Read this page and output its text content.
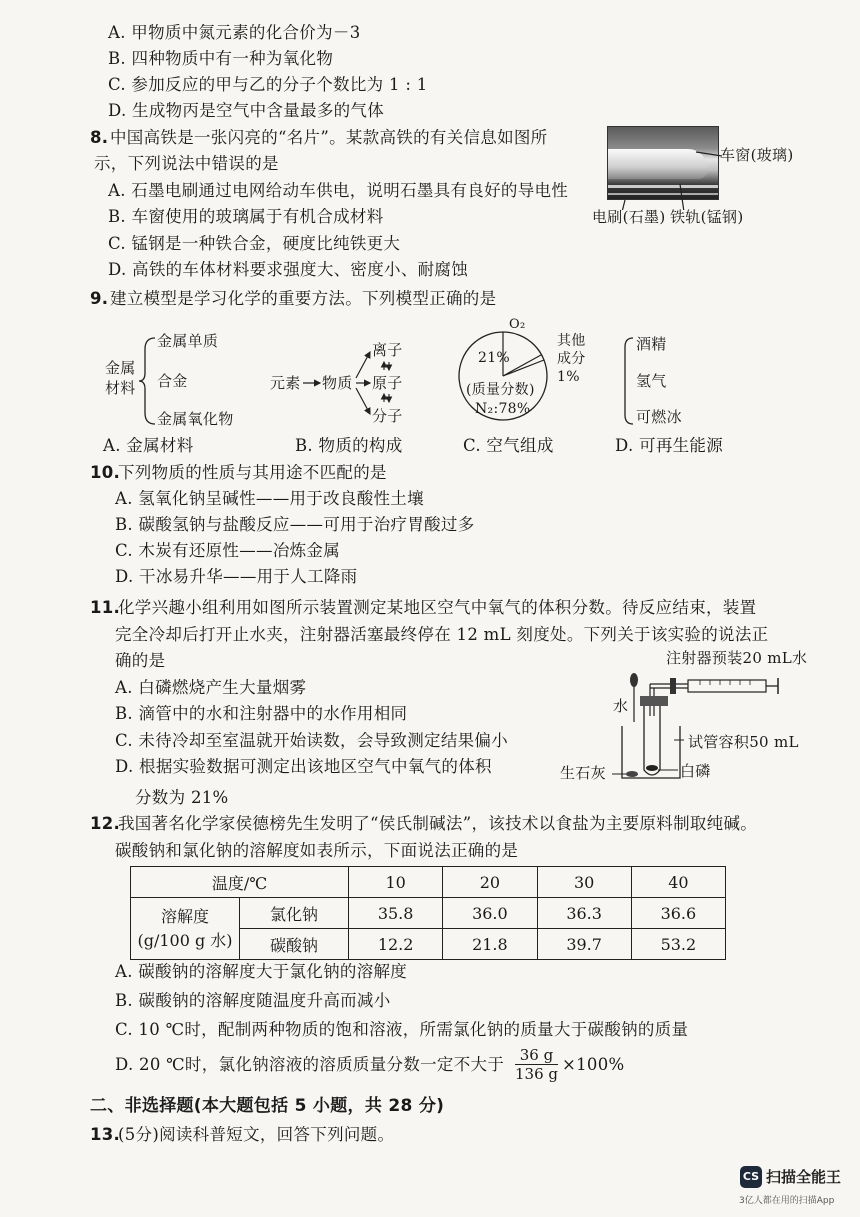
A. 甲物质中氮元素的化合价为－3
B. 四种物质中有一种为氧化物
C. 参加反应的甲与乙的分子个数比为 1 : 1
D. 生成物丙是空气中含量最多的气体
8. 中国高铁是一张闪亮的“名片”。某款高铁的有关信息如图所
示，下列说法中错误的是
A. 石墨电刷通过电网给动车供电，说明石墨具有良好的导电性
B. 车窗使用的玻璃属于有机合成材料
C. 锰钢是一种铁合金，硬度比纯铁更大
D. 高铁的车体材料要求强度大、密度小、耐腐蚀
车窗(玻璃)
电刷(石墨) 铁轨(锰钢)
9. 建立模型是学习化学的重要方法。下列模型正确的是
金属
材料
金属单质
合金
金属氧化物
元素 物质
离子
原子
分子
O₂
21%
(质量分数)
N₂:78%
其他
成分
1%
酒精
氢气
可燃冰
A. 金属材料	B. 物质的构成	C. 空气组成	D. 可再生能源
10.
下列物质的性质与其用途不匹配的是
A. 氢氧化钠呈碱性——用于改良酸性土壤
B. 碳酸氢钠与盐酸反应——可用于治疗胃酸过多
C. 木炭有还原性——冶炼金属
D. 干冰易升华——用于人工降雨
11.
化学兴趣小组利用如图所示装置测定某地区空气中氧气的体积分数。待反应结束，装置
完全冷却后打开止水夹，注射器活塞最终停在 12 mL 刻度处。下列关于该实验的说法正
确的是
A. 白磷燃烧产生大量烟雾
B. 滴管中的水和注射器中的水作用相同
C. 未待冷却至室温就开始读数，会导致测定结果偏小
D. 根据实验数据可测定出该地区空气中氧气的体积
分数为 21%
注射器预装20 mL水
水
试管容积50 mL
生石灰	白磷
12.
我国著名化学家侯德榜先生发明了“侯氏制碱法”，该技术以食盐为主要原料制取纯碱。
碳酸钠和氯化钠的溶解度如表所示，下面说法正确的是
温度/℃		10	20	30	40
溶解度
(g/100 g 水)	氯化钠	35.8	36.0	36.3	36.6
	碳酸钠	12.2	21.8	39.7	53.2
A. 碳酸钠的溶解度大于氯化钠的溶解度
B. 碳酸钠的溶解度随温度升高而减小
C. 10 ℃时，配制两种物质的饱和溶液，所需氯化钠的质量大于碳酸钠的质量
D. 20 ℃时，氯化钠溶液的溶质质量分数一定不大于 $\frac{36 g}{136 g} \times 100\%$
二、非选择题(本大题包括 5 小题，共 28 分)
13.
(5分)阅读科普短文，回答下列问题。
CS 扫描全能王
3亿人都在用的扫描App
